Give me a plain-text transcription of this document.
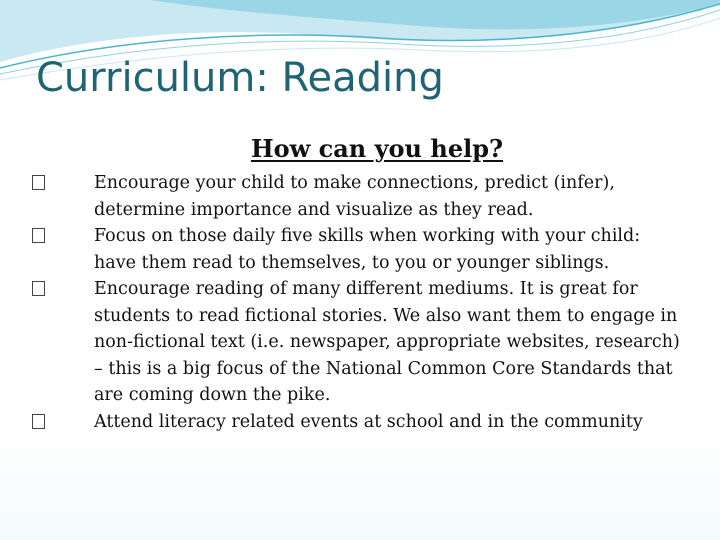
Curriculum: Reading
How can you help?
Encourage your child to make connections, predict (infer), determine importance and visualize as they read.
Focus on those daily five skills when working with your child: have them read to themselves, to you or younger siblings.
Encourage reading of many different mediums. It is great for students to read fictional stories. We also want them to engage in non-fictional text (i.e. newspaper, appropriate websites, research) – this is a big focus of the National Common Core Standards that are coming down the pike.
Attend literacy related events at school and in the community
